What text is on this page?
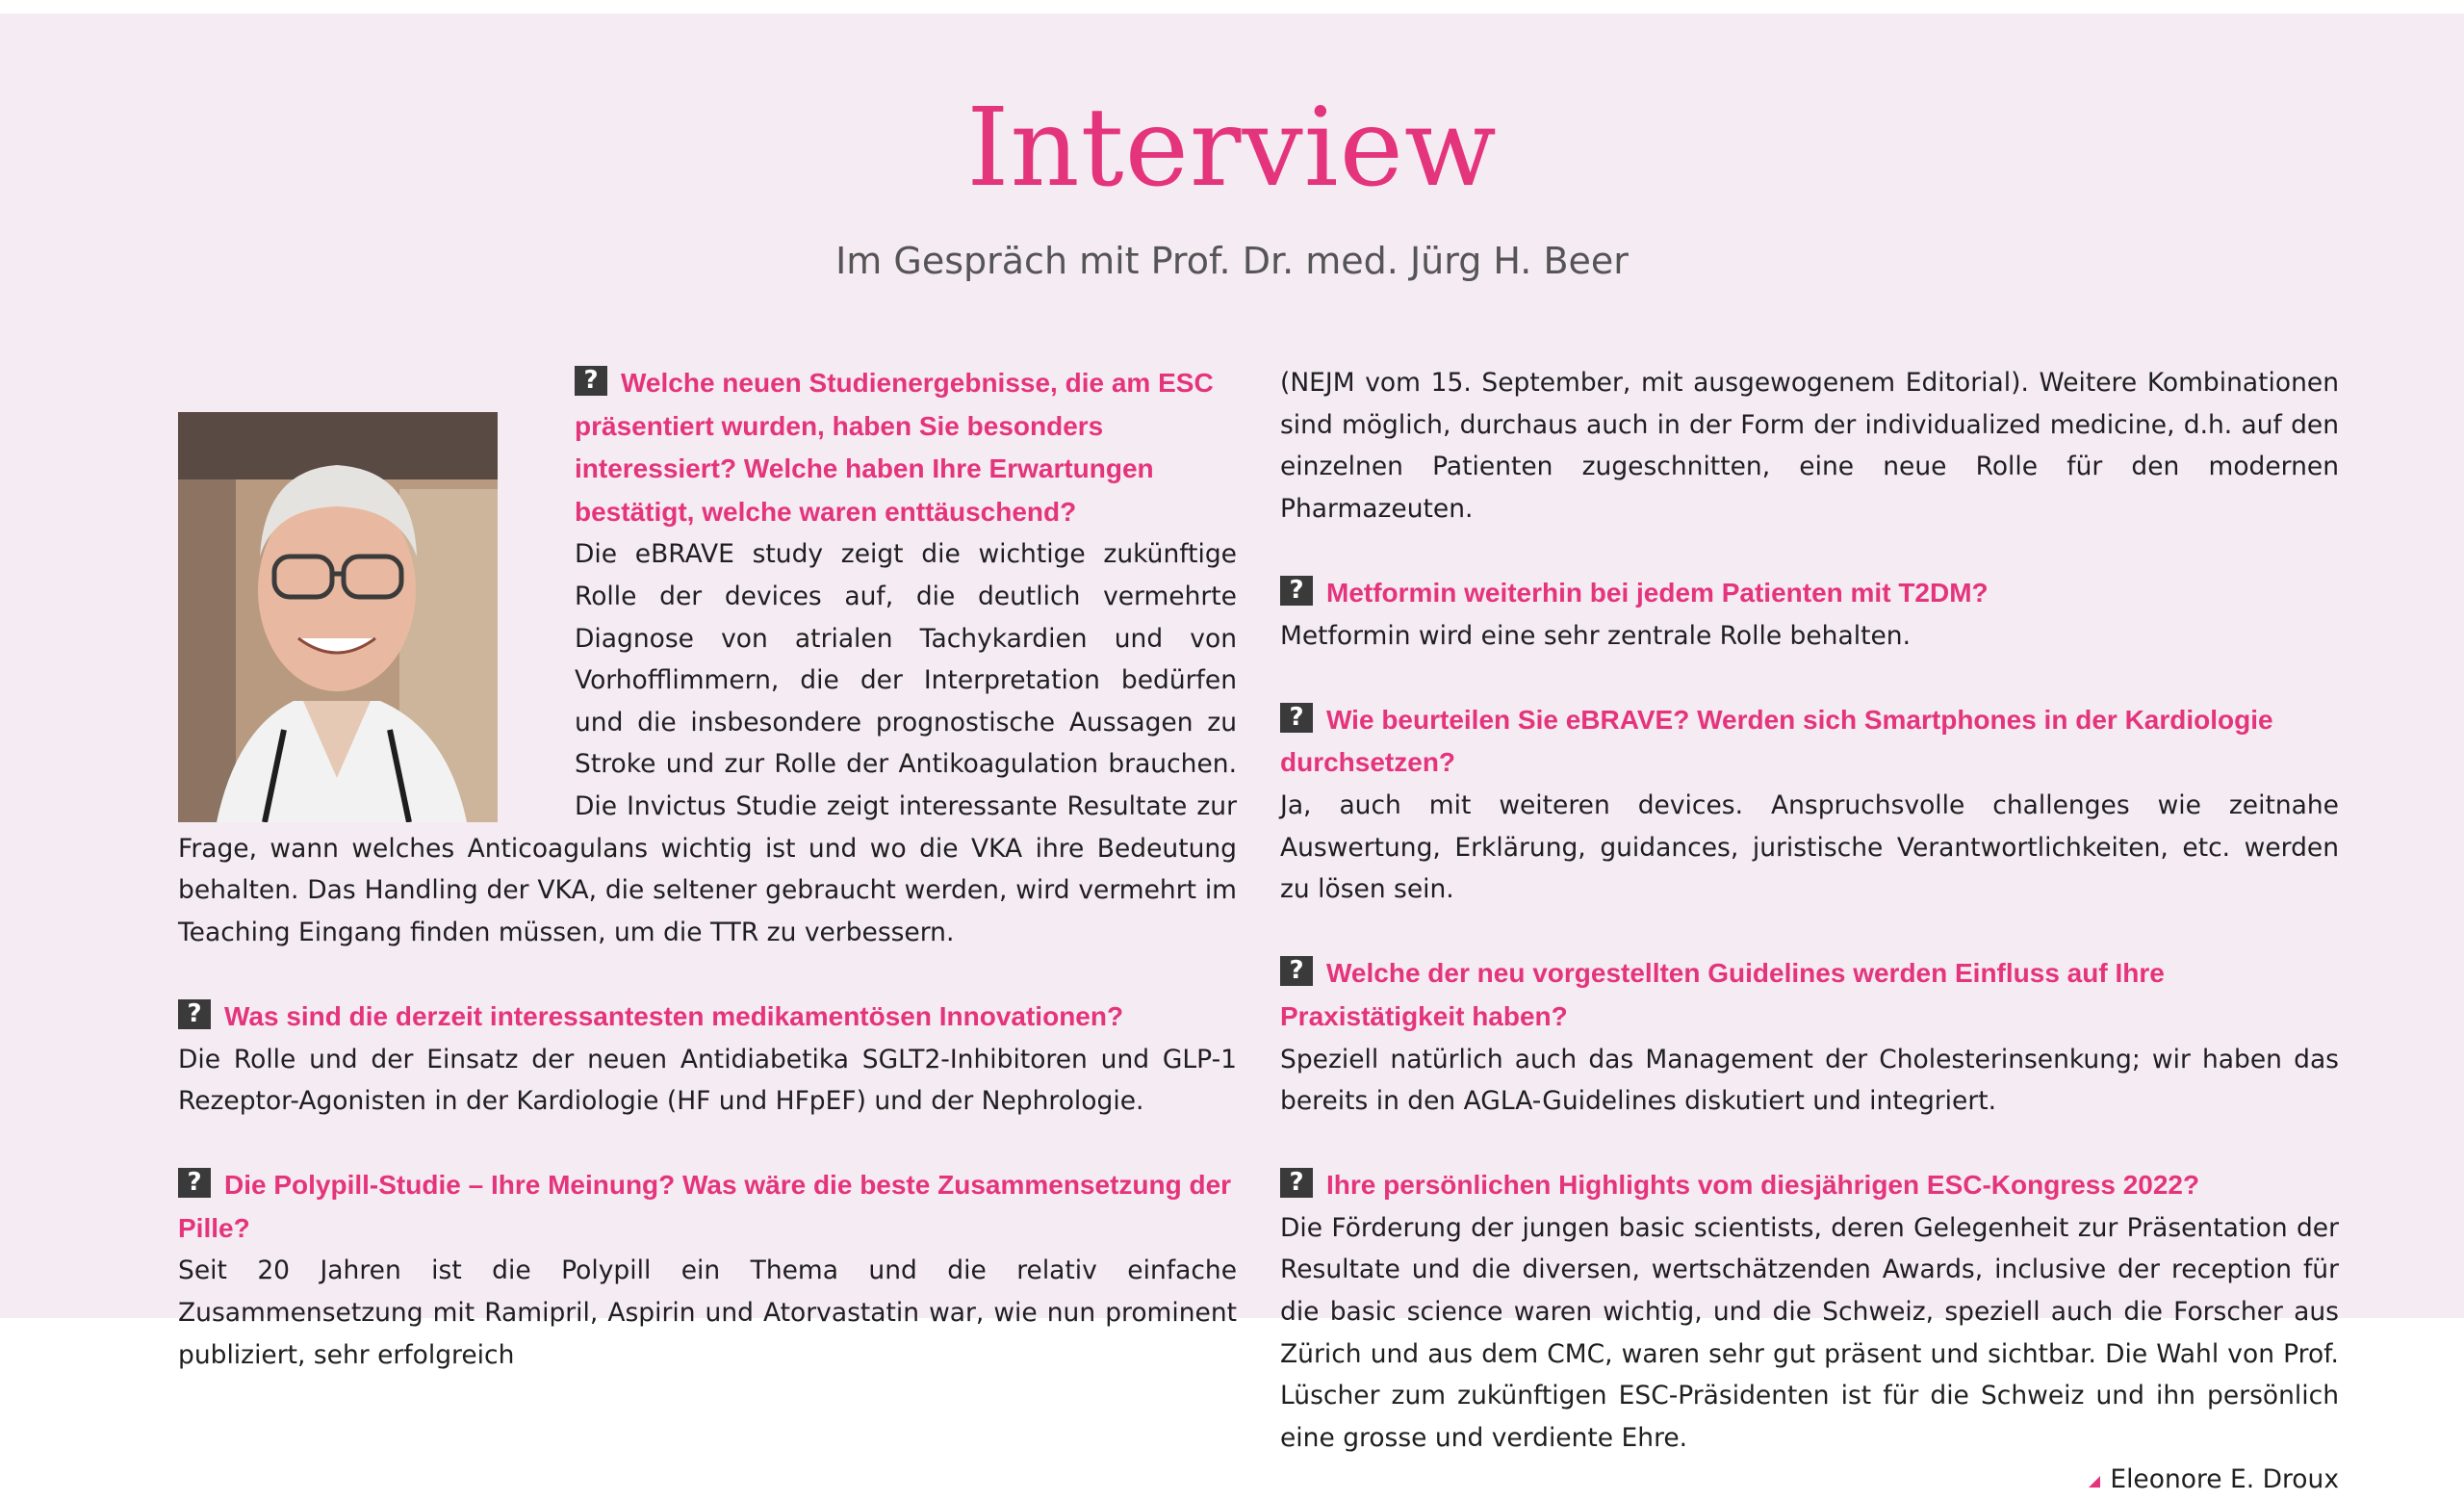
Interview
Im Gespräch mit Prof. Dr. med. Jürg H. Beer
? Welche neuen Studienergebnisse, die am ESC präsentiert wurden, haben Sie besonders interessiert? Welche haben Ihre Erwartungen bestätigt, welche waren enttäuschend?

Die eBRAVE study zeigt die wichtige zukünftige Rolle der devices auf, die deutlich vermehrte Diagnose von atrialen Tachykardien und von Vorhofflimmern, die der Interpretation bedürfen und die insbesondere prognostische Aussagen zu Stroke und zur Rolle der Antikoagulation brauchen. Die Invictus Studie zeigt interessante Resultate zur Frage, wann welches Anticoagulans wichtig ist und wo die VKA ihre Bedeutung behalten. Das Handling der VKA, die seltener gebraucht werden, wird vermehrt im Teaching Eingang finden müssen, um die TTR zu verbessern.

? Was sind die derzeit interessantesten medikamentösen Innovationen?

Die Rolle und der Einsatz der neuen Antidiabetika SGLT2-Inhibitoren und GLP-1 Rezeptor-Agonisten in der Kardiologie (HF und HFpEF) und der Nephrologie.

? Die Polypill-Studie – Ihre Meinung? Was wäre die beste Zusammensetzung der Pille?

Seit 20 Jahren ist die Polypill ein Thema und die relativ einfache Zusammensetzung mit Ramipril, Aspirin und Atorvastatin war, wie nun prominent publiziert, sehr erfolgreich

(NEJM vom 15. September, mit ausgewogenem Editorial). Weitere Kombinationen sind möglich, durchaus auch in der Form der individualized medicine, d.h. auf den einzelnen Patienten zugeschnitten, eine neue Rolle für den modernen Pharmazeuten.

? Metformin weiterhin bei jedem Patienten mit T2DM?

Metformin wird eine sehr zentrale Rolle behalten.

? Wie beurteilen Sie eBRAVE? Werden sich Smartphones in der Kardiologie durchsetzen?

Ja, auch mit weiteren devices. Anspruchsvolle challenges wie zeitnahe Auswertung, Erklärung, guidances, juristische Verantwortlichkeiten, etc. werden zu lösen sein.

? Welche der neu vorgestellten Guidelines werden Einfluss auf Ihre Praxistätigkeit haben?

Speziell natürlich auch das Management der Cholesterinsenkung; wir haben das bereits in den AGLA-Guidelines diskutiert und integriert.

? Ihre persönlichen Highlights vom diesjährigen ESC-Kongress 2022?

Die Förderung der jungen basic scientists, deren Gelegenheit zur Präsentation der Resultate und die diversen, wertschätzenden Awards, inclusive der reception für die basic science waren wichtig, und die Schweiz, speziell auch die Forscher aus Zürich und aus dem CMC, waren sehr gut präsent und sichtbar. Die Wahl von Prof. Lüscher zum zukünftigen ESC-Präsidenten ist für die Schweiz und ihn persönlich eine grosse und verdiente Ehre.

Eleonore E. Droux
